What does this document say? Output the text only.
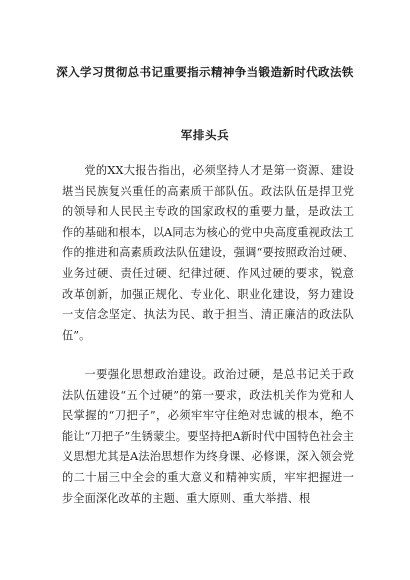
深入学习贯彻总书记重要指示精神争当锻造新时代政法铁
军排头兵
党的XX大报告指出，必须坚持人才是第一资源、建设堪当民族复兴重任的高素质干部队伍。政法队伍是捍卫党的领导和人民民主专政的国家政权的重要力量，是政法工作的基础和根本，以A同志为核心的党中央高度重视政法工作的推进和高素质政法队伍建设，强调“要按照政治过硬、业务过硬、责任过硬、纪律过硬、作风过硬的要求，锐意改革创新，加强正规化、专业化、职业化建设，努力建设一支信念坚定、执法为民、敢于担当、清正廉洁的政法队伍”。
一要强化思想政治建设。政治过硬，是总书记关于政法队伍建设“五个过硬”的第一要求，政法机关作为党和人民掌握的“刀把子”，必须牢牢守住绝对忠诚的根本，绝不能让“刀把子”生锈蒙尘。要坚持把A新时代中国特色社会主义思想尤其是A法治思想作为终身课、必修课，深入领会党的二十届三中全会的重大意义和精神实质，牢牢把握进一步全面深化改革的主题、重大原则、重大举措、根
